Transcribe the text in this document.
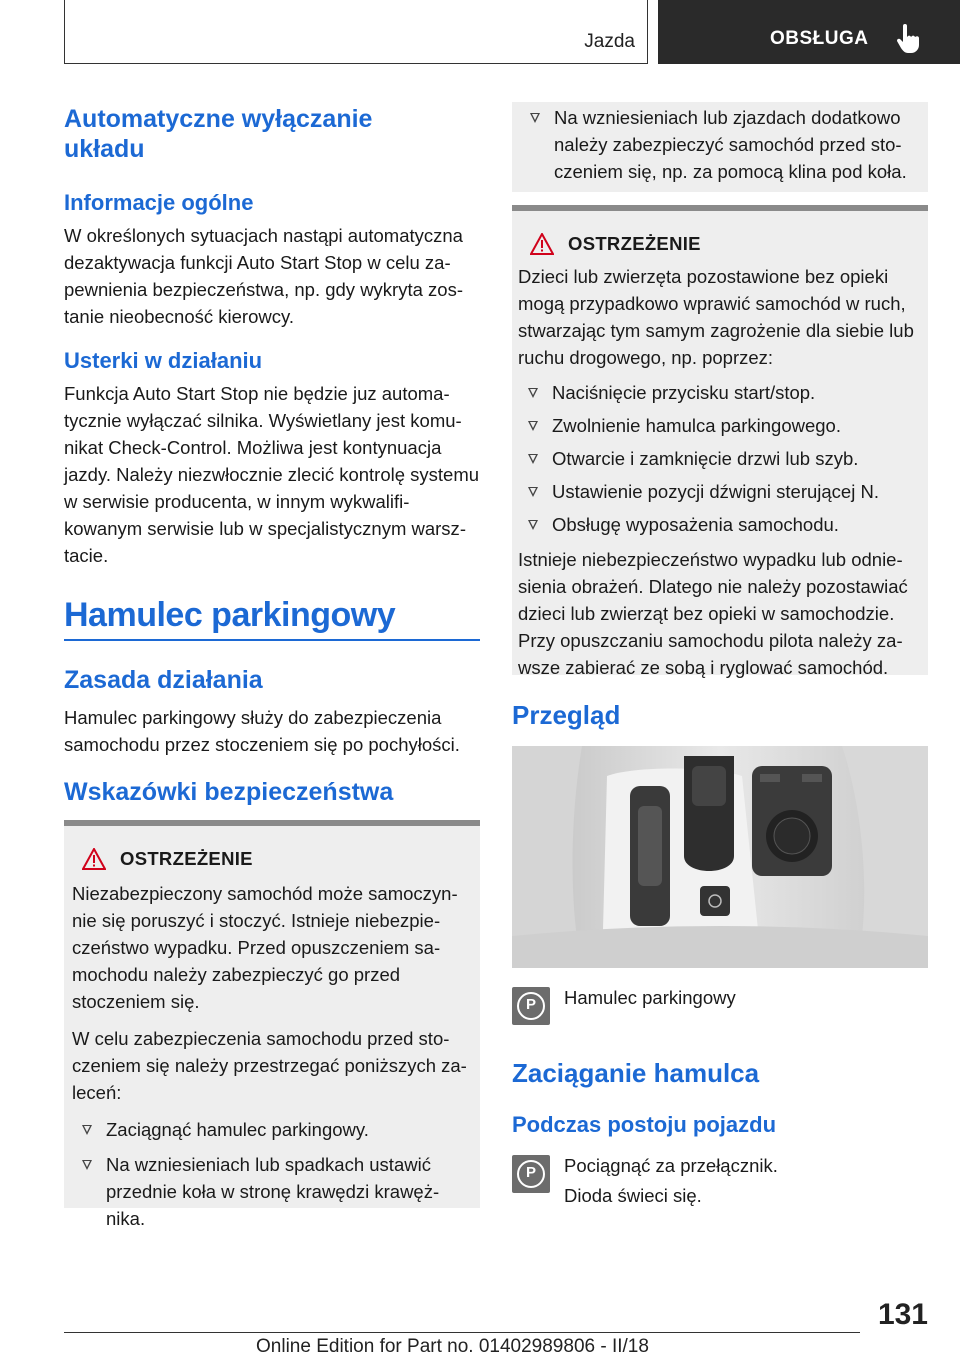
Jazda	OBSŁUGA
Automatyczne wyłączanie układu
Informacje ogólne

W określonych sytuacjach nastąpi automatyczna dezaktywacja funkcji Auto Start Stop w celu zapewnienia bezpieczeństwa, np. gdy wykryta zostanie nieobecność kierowcy.

Usterki w działaniu

Funkcja Auto Start Stop nie będzie juz automatycznie wyłączać silnika. Wyświetlany jest komunikat Check-Control. Możliwa jest kontynuacja jazdy. Należy niezwłocznie zlecić kontrolę systemu w serwisie producenta, w innym wykwalifikowanym serwisie lub w specjalistycznym warsztacie.

Hamulec parkingowy
Zasada działania

Hamulec parkingowy służy do zabezpieczenia samochodu przez stoczeniem się po pochyłości.

Wskazówki bezpieczeństwa
OSTRZEŻENIE

Niezabezpieczony samochód może samoczynnie się poruszyć i stoczyć. Istnieje niebezpieczeństwo wypadku. Przed opuszczeniem samochodu należy zabezpieczyć go przed stoczeniem się.

W celu zabezpieczenia samochodu przed stoczeniem się należy przestrzegać poniższych zaleceń:

Zaciągnąć hamulec parkingowy.
Na wzniesieniach lub spadkach ustawić przednie koła w stronę krawędzi krawężnika.
Na wzniesieniach lub zjazdach dodatkowo należy zabezpieczyć samochód przed stoczeniem się, np. za pomocą klina pod koła.
OSTRZEŻENIE

Dzieci lub zwierzęta pozostawione bez opieki mogą przypadkowo wprawić samochód w ruch, stwarzając tym samym zagrożenie dla siebie lub ruchu drogowego, np. poprzez:

Naciśnięcie przycisku start/stop.
Zwolnienie hamulca parkingowego.
Otwarcie i zamknięcie drzwi lub szyb.
Ustawienie pozycji dźwigni sterującej N.
Obsługę wyposażenia samochodu.

Istnieje niebezpieczeństwo wypadku lub odniesienia obrażeń. Dlatego nie należy pozostawiać dzieci lub zwierząt bez opieki w samochodzie. Przy opuszczaniu samochodu pilota należy zawsze zabierać ze sobą i ryglować samochód.

Przegląd
P	Hamulec parkingowy

Zaciąganie hamulca
Podczas postoju pojazdu
P	Pociągnąć za przełącznik.

Dioda świeci się.

131
Online Edition for Part no. 01402989806 - II/18
